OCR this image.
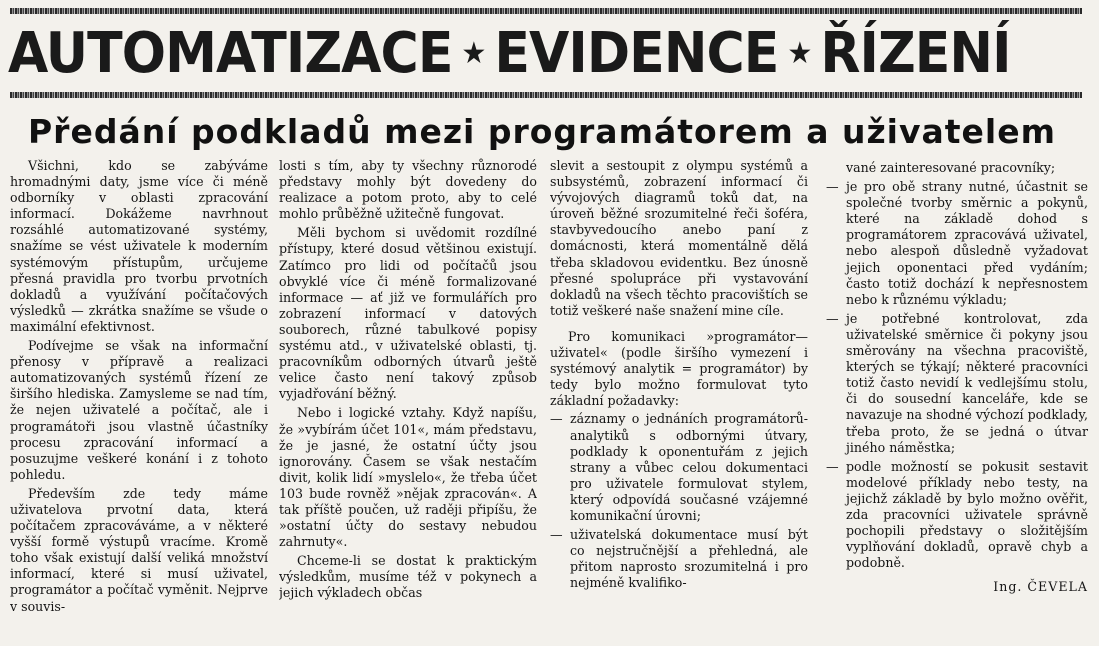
AUTOMATIZACE ★ EVIDENCE ★ ŘÍZENÍ
Předání podkladů mezi programátorem a uživatelem

Všichni, kdo se zabýváme hromadnými daty, jsme více či méně odborníky v oblasti zpracování informací. Dokážeme navrhnout rozsáhlé automatizované systémy, snažíme se vést uživatele k moderním systémovým přístupům, určujeme přesná pravidla pro tvorbu prvotních dokladů a využívání počítačových výsledků — zkrátka snažíme se všude o maximální efektivnost.

Podívejme se však na informační přenosy v přípravě a realizaci automatizovaných systémů řízení ze širšího hlediska. Zamysleme se nad tím, že nejen uživatelé a počítač, ale i programátoři jsou vlastně účastníky procesu zpracování informací a posuzujme veškeré konání i z tohoto pohledu.

Především zde tedy máme uživatelova prvotní data, která počítačem zpracováváme, a v některé vyšší formě výstupů vracíme. Kromě toho však existují další veliká množství informací, které si musí uživatel, programátor a počítač vyměnit. Nejprve v souvis-

losti s tím, aby ty všechny různorodé představy mohly být dovedeny do realizace a potom proto, aby to celé mohlo průběžně užitečně fungovat.

Měli bychom si uvědomit rozdílné přístupy, které dosud většinou existují. Zatímco pro lidi od počítačů jsou obvyklé více či méně formalizované informace — ať již ve formulářích pro zobrazení informací v datových souborech, různé tabulkové popisy systému atd., v uživatelské oblasti, tj. pracovníkům odborných útvarů ještě velice často není takový způsob vyjadřování běžný.

Nebo i logické vztahy. Když napíšu, že »vybírám účet 101«, mám představu, že je jasné, že ostatní účty jsou ignorovány. Časem se však nestačím divit, kolik lidí »myslelo«, že třeba účet 103 bude rovněž »nějak zpracován«. A tak příště poučen, už raději připíšu, že »ostatní účty do sestavy nebudou zahrnuty«.

Chceme-li se dostat k praktickým výsledkům, musíme též v pokynech a jejich výkladech občas

slevit a sestoupit z olympu systémů a subsystémů, zobrazení informací či vývojových diagramů toků dat, na úroveň běžné srozumitelné řeči šoféra, stavbyvedoucího anebo paní z domácnosti, která momentálně dělá třeba skladovou evidentku. Bez únosně přesné spolupráce při vystavování dokladů na všech těchto pracovištích se totiž veškeré naše snažení mine cíle.

Pro komunikaci »programátor—uživatel« (podle širšího vymezení i systémový analytik = programátor) by tedy bylo možno formulovat tyto základní požadavky:

— záznamy o jednáních programátorů-analytiků s odbornými útvary, podklady k oponentuřám z jejich strany a vůbec celou dokumentaci pro uživatele formulovat stylem, který odpovídá současné vzájemné komunikační úrovni;
— uživatelská dokumentace musí být co nejstručnější a přehledná, ale přitom naprosto srozumitelná i pro nejméně kvalifiko-
vané zainteresované pracovníky;
— je pro obě strany nutné, účastnit se společné tvorby směrnic a pokynů, které na základě dohod s programátorem zpracovává uživatel, nebo alespoň důsledně vyžadovat jejich oponentaci před vydáním; často totiž dochází k nepřesnostem nebo k různému výkladu;
— je potřebné kontrolovat, zda uživatelské směrnice či pokyny jsou směrovány na všechna pracoviště, kterých se týkají; některé pracovníci totiž často nevidí k vedlejšímu stolu, či do sousední kanceláře, kde se navazuje na shodné výchozí podklady, třeba proto, že se jedná o útvar jiného náměstka;
— podle možností se pokusit sestavit modelové příklady nebo testy, na jejichž základě by bylo možno ověřit, zda pracovníci uživatele správně pochopili představy o složitějším vyplňování dokladů, opravě chyb a podobně.
Ing. ČEVELA
